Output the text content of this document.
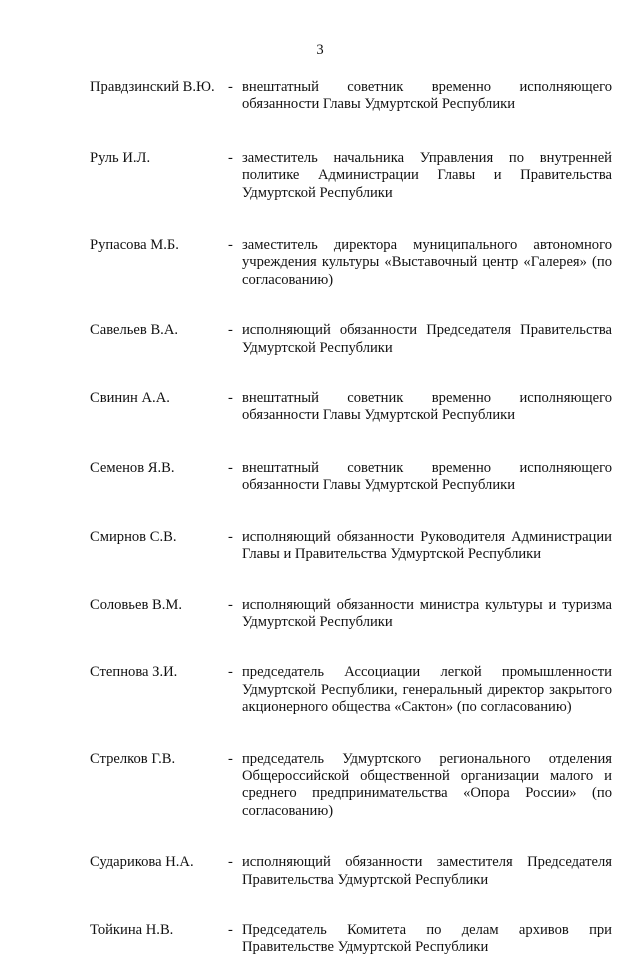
3
Правдзинский В.Ю. - внештатный советник временно исполняющего обязанности Главы Удмуртской Республики
Руль И.Л.	- заместитель начальника Управления по внутренней политике Администрации Главы и Правительства Удмуртской Республики
Рупасова М.Б.	- заместитель директора муниципального автономного учреждения культуры «Выставочный центр «Галерея» (по согласованию)
Савельев В.А.	- исполняющий обязанности Председателя Правительства Удмуртской Республики
Свинин А.А.	- внештатный советник временно исполняющего обязанности Главы Удмуртской Республики
Семенов Я.В.	- внештатный советник временно исполняющего обязанности Главы Удмуртской Республики
Смирнов С.В.	- исполняющий обязанности Руководителя Администрации Главы и Правительства Удмуртской Республики
Соловьев В.М.	- исполняющий обязанности министра культуры и туризма Удмуртской Республики
Степнова З.И.	- председатель Ассоциации легкой промышленности Удмуртской Республики, генеральный директор закрытого акционерного общества «Сактон» (по согласованию)
Стрелков Г.В.	- председатель Удмуртского регионального отделения Общероссийской общественной организации малого и среднего предпринимательства «Опора России» (по согласованию)
Сударикова Н.А.	- исполняющий обязанности заместителя Председателя Правительства Удмуртской Республики
Тойкина Н.В.	- Председатель Комитета по делам архивов при Правительстве Удмуртской Республики
